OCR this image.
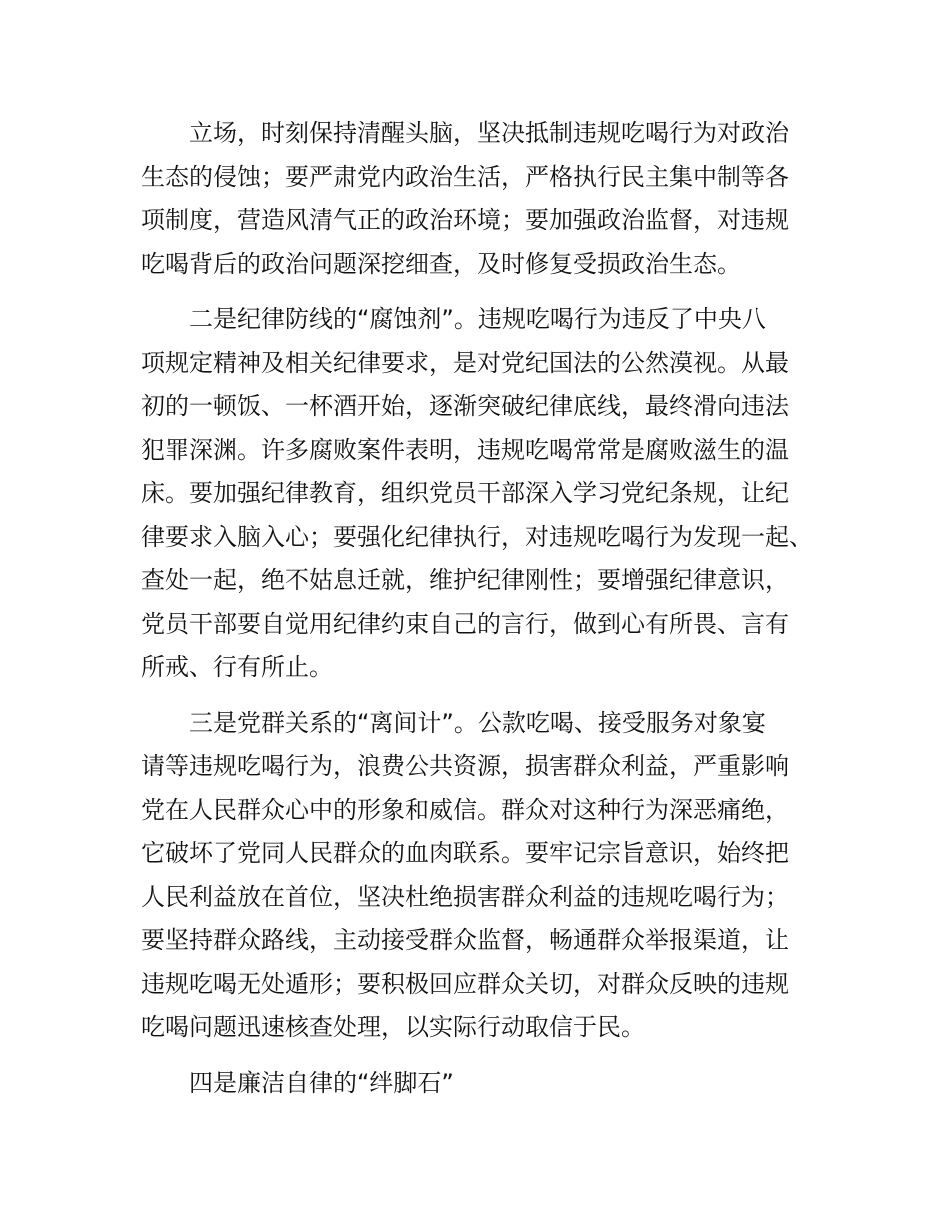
立场，时刻保持清醒头脑，坚决抵制违规吃喝行为对政治
生态的侵蚀；要严肃党内政治生活，严格执行民主集中制等各
项制度，营造风清气正的政治环境；要加强政治监督，对违规
吃喝背后的政治问题深挖细查，及时修复受损政治生态。
二是纪律防线的“腐蚀剂”。违规吃喝行为违反了中央八
项规定精神及相关纪律要求，是对党纪国法的公然漠视。从最
初的一顿饭、一杯酒开始，逐渐突破纪律底线，最终滑向违法
犯罪深渊。许多腐败案件表明，违规吃喝常常是腐败滋生的温
床。要加强纪律教育，组织党员干部深入学习党纪条规，让纪
律要求入脑入心；要强化纪律执行，对违规吃喝行为发现一起、
查处一起，绝不姑息迁就，维护纪律刚性；要增强纪律意识，
党员干部要自觉用纪律约束自己的言行，做到心有所畏、言有
所戒、行有所止。
三是党群关系的“离间计”。公款吃喝、接受服务对象宴
请等违规吃喝行为，浪费公共资源，损害群众利益，严重影响
党在人民群众心中的形象和威信。群众对这种行为深恶痛绝，
它破坏了党同人民群众的血肉联系。要牢记宗旨意识，始终把
人民利益放在首位，坚决杜绝损害群众利益的违规吃喝行为；
要坚持群众路线，主动接受群众监督，畅通群众举报渠道，让
违规吃喝无处遁形；要积极回应群众关切，对群众反映的违规
吃喝问题迅速核查处理，以实际行动取信于民。
四是廉洁自律的“绊脚石”
